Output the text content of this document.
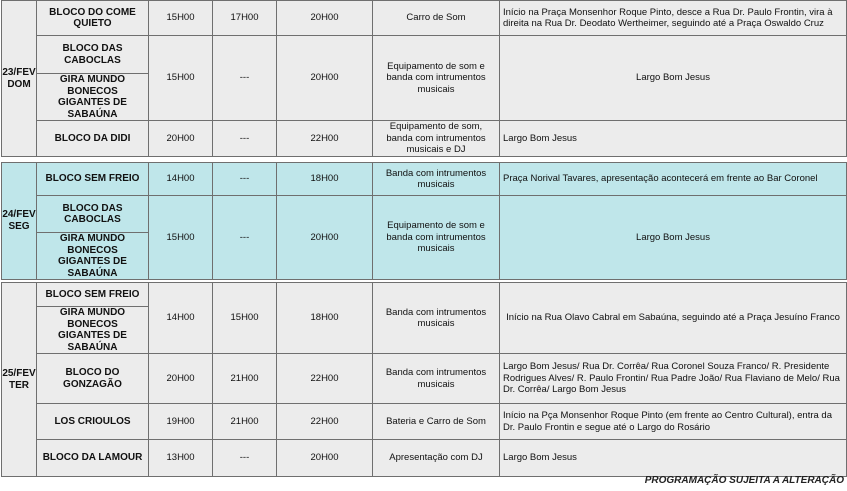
23/FEV DOM	BLOCO DO COME QUIETO	15H00	17H00	20H00	Carro de Som	Início na Praça Monsenhor Roque Pinto, desce a Rua Dr. Paulo Frontin, vira à direita na Rua Dr. Deodato Wertheimer, seguindo até a Praça Oswaldo Cruz
	BLOCO DAS CABOCLAS	15H00	---	20H00	Equipamento de som e banda com intrumentos musicais	Largo Bom Jesus
	GIRA MUNDO BONECOS GIGANTES DE SABAÚNA					
	BLOCO DA DIDI	20H00	---	22H00	Equipamento de som, banda com intrumentos musicais e DJ	Largo Bom Jesus
24/FEV SEG	BLOCO SEM FREIO	14H00	---	18H00	Banda com intrumentos musicais	Praça Norival Tavares, apresentação acontecerá em frente ao Bar Coronel
	BLOCO DAS CABOCLAS	15H00	---	20H00	Equipamento de som e banda com intrumentos musicais	Largo Bom Jesus
	GIRA MUNDO BONECOS GIGANTES DE SABAÚNA					
25/FEV TER	BLOCO SEM FREIO	14H00	15H00	18H00	Banda com intrumentos musicais	Início na Rua Olavo Cabral em Sabaúna, seguindo até a Praça Jesuíno Franco
	GIRA MUNDO BONECOS GIGANTES DE SABAÚNA					
	BLOCO DO GONZAGÃO	20H00	21H00	22H00	Banda com intrumentos musicais	Largo Bom Jesus/ Rua Dr. Corrêa/ Rua Coronel Souza Franco/ R. Presidente Rodrigues Alves/ R. Paulo Frontin/ Rua Padre João/ Rua Flaviano de Melo/ Rua Dr. Corrêa/ Largo Bom Jesus
	LOS CRIOULOS	19H00	21H00	22H00	Bateria e Carro de Som	Início na Pça Monsenhor Roque Pinto (em frente ao Centro Cultural), entra da Dr. Paulo Frontin e segue até o Largo do Rosário
	BLOCO DA LAMOUR	13H00	---	20H00	Apresentação com DJ	Largo Bom Jesus
PROGRAMAÇÃO SUJEITA A ALTERAÇÃO
